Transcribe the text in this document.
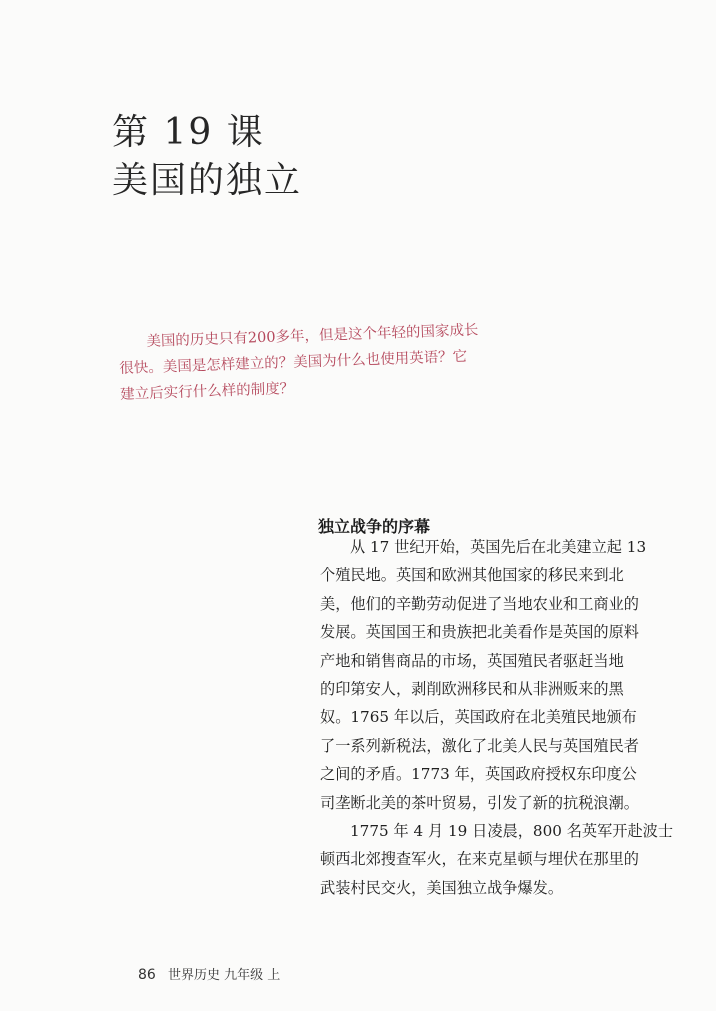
第 19 课
美国的独立

美国的历史只有200多年，但是这个年轻的国家成长

很快。美国是怎样建立的？美国为什么也使用英语？它

建立后实行什么样的制度？

独立战争的序幕

从 17 世纪开始，英国先后在北美建立起 13

个殖民地。英国和欧洲其他国家的移民来到北

美，他们的辛勤劳动促进了当地农业和工商业的

发展。英国国王和贵族把北美看作是英国的原料

产地和销售商品的市场，英国殖民者驱赶当地

的印第安人，剥削欧洲移民和从非洲贩来的黑

奴。1765 年以后，英国政府在北美殖民地颁布

了一系列新税法，激化了北美人民与英国殖民者

之间的矛盾。1773 年，英国政府授权东印度公

司垄断北美的茶叶贸易，引发了新的抗税浪潮。

1775 年 4 月 19 日凌晨，800 名英军开赴波士

顿西北郊搜查军火，在来克星顿与埋伏在那里的

武装村民交火，美国独立战争爆发。

86 世界历史 九年级 上
